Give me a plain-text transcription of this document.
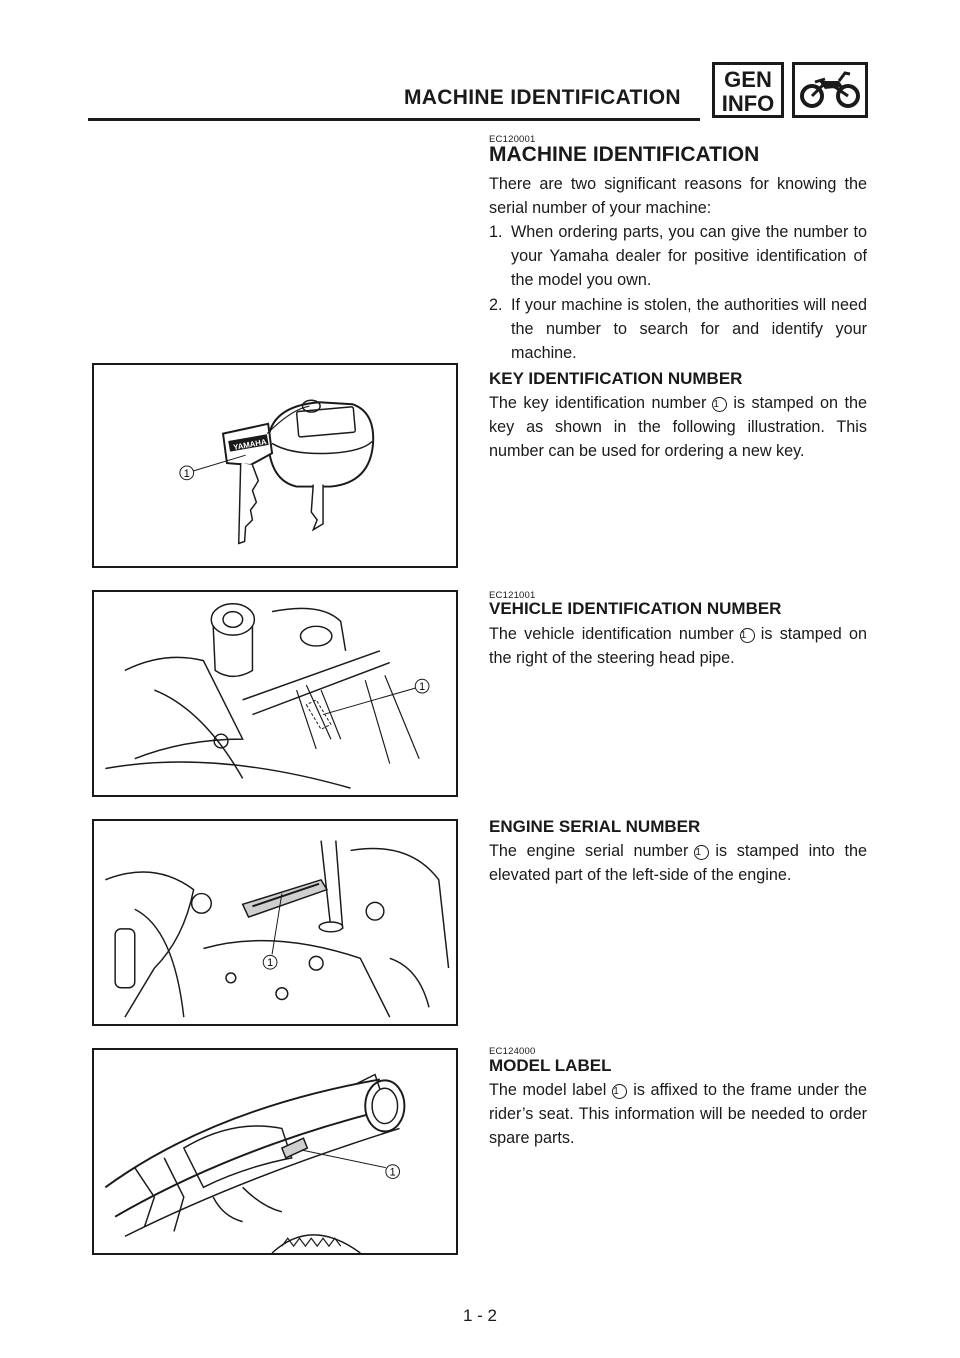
MACHINE IDENTIFICATION
GEN
INFO
EC120001
MACHINE IDENTIFICATION
There are two significant reasons for knowing the serial number of your machine:
1. When ordering parts, you can give the number to your Yamaha dealer for positive identification of the model you own.
2. If your machine is stolen, the authorities will need the number to search for and identify your machine.
KEY IDENTIFICATION NUMBER
The key identification number 1 is stamped on the key as shown in the following illustration. This number can be used for ordering a new key.
YAMAHA
1
EC121001
VEHICLE IDENTIFICATION NUMBER
The vehicle identification number 1 is stamped on the right of the steering head pipe.
1
ENGINE SERIAL NUMBER
The engine serial number 1 is stamped into the elevated part of the left-side of the engine.
1
EC124000
MODEL LABEL
The model label 1 is affixed to the frame under the rider’s seat. This information will be needed to order spare parts.
1
1 - 2
